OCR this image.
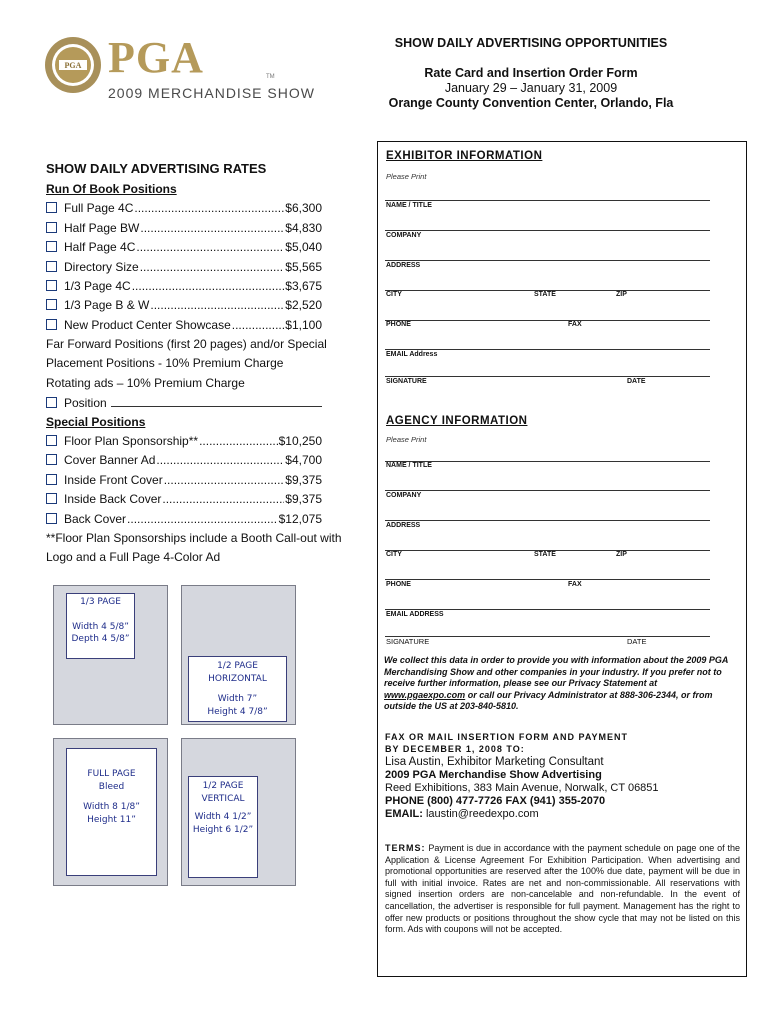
PGA PGA	TM
2009 MERCHANDISE SHOW
SHOW DAILY ADVERTISING OPPORTUNITIES
Rate Card and Insertion Order Form
January 29 – January 31, 2009
Orange County Convention Center, Orlando, Fla
SHOW DAILY ADVERTISING RATES
Run Of Book Positions
Full Page 4C .....	$6,300
Half Page BW .....	$4,830
Half Page 4C .....	$5,040
Directory Size .....	$5,565
1/3 Page 4C .....	$3,675
1/3 Page B & W .....	$2,520
New Product Center Showcase .....	$1,100
Far Forward Positions (first 20 pages) and/or Special
Placement Positions - 10% Premium Charge
Rotating ads – 10% Premium Charge
Position
Special Positions
Floor Plan Sponsorship** .....	$10,250
Cover Banner Ad .....	$4,700
Inside Front Cover .....	$9,375
Inside Back Cover .....	$9,375
Back Cover .....	$12,075
**Floor Plan Sponsorships include a Booth Call-out with
Logo and a Full Page 4-Color Ad
1/3 PAGE
Width 4 5/8”
Depth 4 5/8”
1/2 PAGE
HORIZONTAL
Width 7”
Height 4 7/8”
FULL PAGE
Bleed
Width 8 1/8”
Height 11”
1/2 PAGE
VERTICAL
Width 4 1/2”
Height 6 1/2”
EXHIBITOR INFORMATION
Please Print
NAME / TITLE
COMPANY
ADDRESS
CITY	STATE	ZIP
PHONE	FAX
EMAIL Address
SIGNATURE	DATE
AGENCY INFORMATION
Please Print
NAME / TITLE
COMPANY
ADDRESS
CITY	STATE	ZIP
PHONE	FAX
EMAIL ADDRESS
SIGNATURE	DATE
We collect this data in order to provide you with information about the 2009 PGA Merchandising Show and other companies in your industry. If you prefer not to receive further information, please see our Privacy Statement at www.pgaexpo.com or call our Privacy Administrator at 888-306-2344, or from outside the US at 203-840-5810.
FAX OR MAIL INSERTION FORM AND PAYMENT
BY DECEMBER 1, 2008 TO:
Lisa Austin, Exhibitor Marketing Consultant
2009 PGA Merchandise Show Advertising
Reed Exhibitions, 383 Main Avenue, Norwalk, CT 06851
PHONE (800) 477-7726 FAX (941) 355-2070
EMAIL: laustin@reedexpo.com
TERMS: Payment is due in accordance with the payment schedule on page one of the Application & License Agreement For Exhibition Participation. When advertising and promotional opportunities are reserved after the 100% due date, payment will be due in full with initial invoice. Rates are net and non-commissionable. All reservations with signed insertion orders are non-cancelable and non-refundable. In the event of cancellation, the advertiser is responsible for full payment. Management has the right to offer new products or positions throughout the show cycle that may not be listed on this form. Ads with coupons will not be accepted.
